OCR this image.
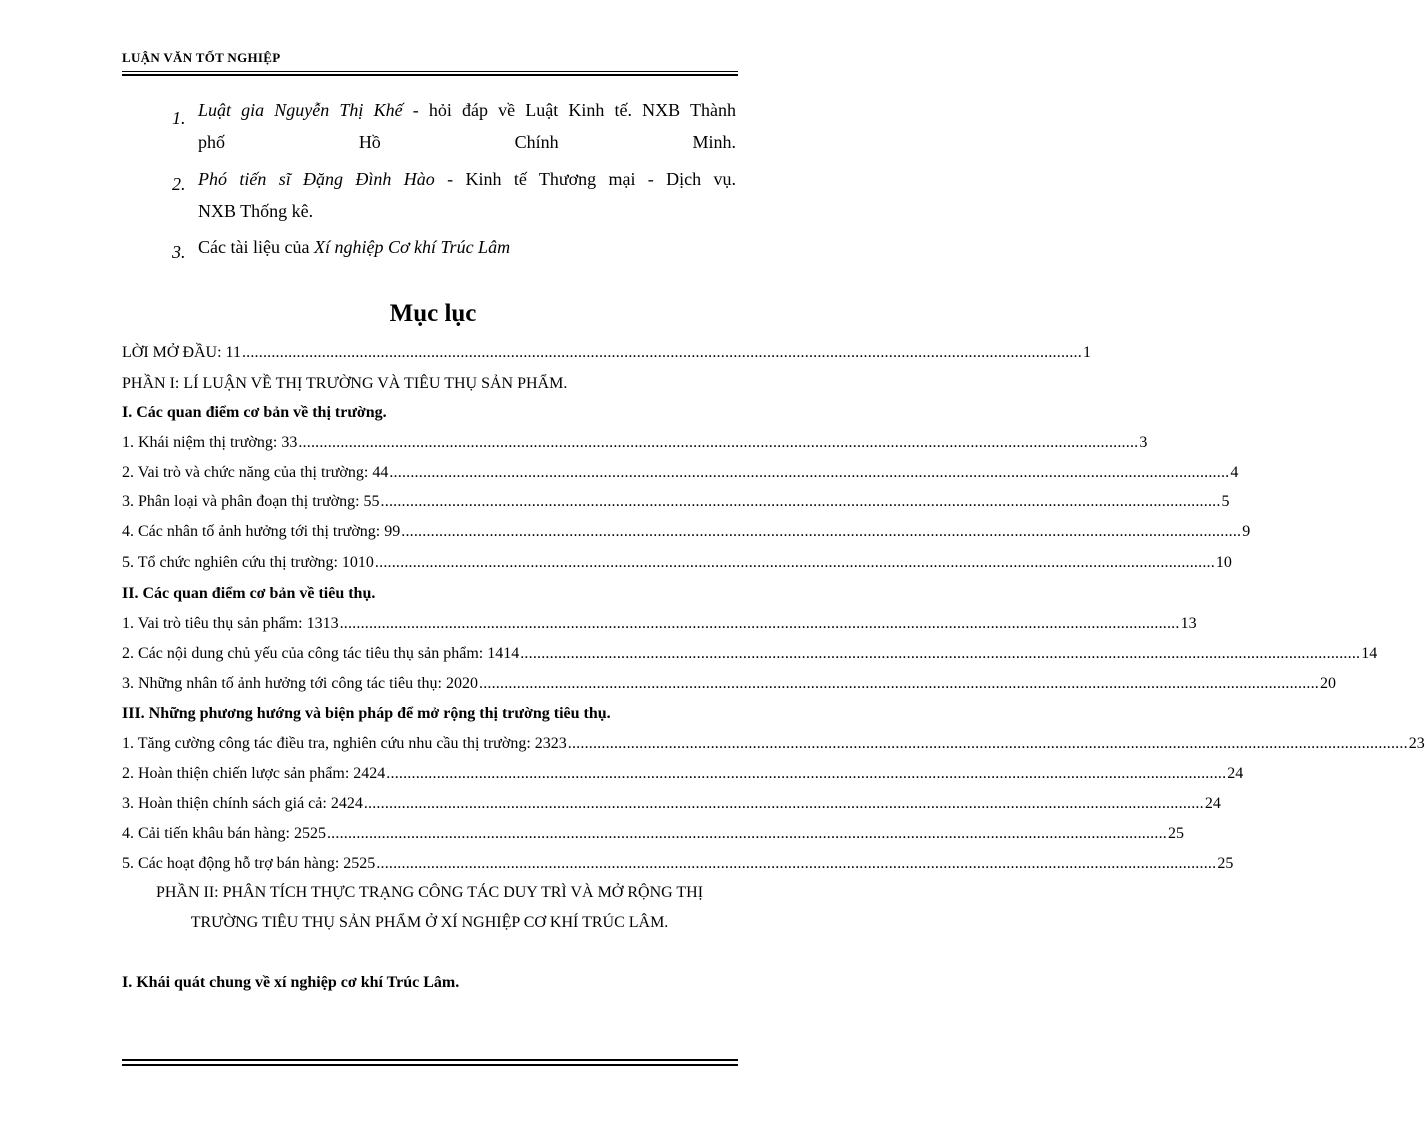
LUẬN VĂN TỐT NGHIỆP
1. Luật gia Nguyễn Thị Khế - hỏi đáp về Luật Kinh tế. NXB Thành
phố	Hồ	Chính	Minh.
2. Phó tiến sĩ Đặng Đình Hào - Kinh tế Thương mại - Dịch vụ.
NXB Thống kê.
3. Các tài liệu của Xí nghiệp Cơ khí Trúc Lâm
Mục lục
LỜI MỞ ĐẦU: 11 ........................................................................................................................................................................................................ 1
PHẦN I: LÍ LUẬN VỀ THỊ TRƯỜNG VÀ TIÊU THỤ SẢN PHẨM.
I. Các quan điểm cơ bản về thị trường.
1. Khái niệm thị trường: 33 ........................................................................................................................................................................................................ 3
2. Vai trò và chức năng của thị trường: 44 ........................................................................................................................................................................................................ 4
3. Phân loại và phân đoạn thị trường: 55 ........................................................................................................................................................................................................ 5
4. Các nhân tố ảnh hưởng tới thị trường: 99 ........................................................................................................................................................................................................ 9
5. Tổ chức nghiên cứu thị trường: 1010 ........................................................................................................................................................................................................ 10
II. Các quan điểm cơ bản về tiêu thụ.
1. Vai trò tiêu thụ sản phẩm: 1313 ........................................................................................................................................................................................................ 13
2. Các nội dung chủ yếu của công tác tiêu thụ sản phẩm: 1414 ........................................................................................................................................................................................................ 14
3. Những nhân tố ảnh hưởng tới công tác tiêu thụ: 2020 ........................................................................................................................................................................................................ 20
III. Những phương hướng và biện pháp để mở rộng thị trường tiêu thụ.
1. Tăng cường công tác điều tra, nghiên cứu nhu cầu thị trường: 2323 ........................................................................................................................................................................................................ 23
2. Hoàn thiện chiến lược sản phẩm: 2424 ........................................................................................................................................................................................................ 24
3. Hoàn thiện chính sách giá cả: 2424 ........................................................................................................................................................................................................ 24
4. Cải tiến khâu bán hàng: 2525 ........................................................................................................................................................................................................ 25
5. Các hoạt động hỗ trợ bán hàng: 2525 ........................................................................................................................................................................................................ 25
PHẦN II: PHÂN TÍCH THỰC TRẠNG CÔNG TÁC DUY TRÌ VÀ MỞ RỘNG THỊ TRƯỜNG TIÊU THỤ SẢN PHẨM Ở XÍ NGHIỆP CƠ KHÍ TRÚC LÂM.
I. Khái quát chung về xí nghiệp cơ khí Trúc Lâm.
